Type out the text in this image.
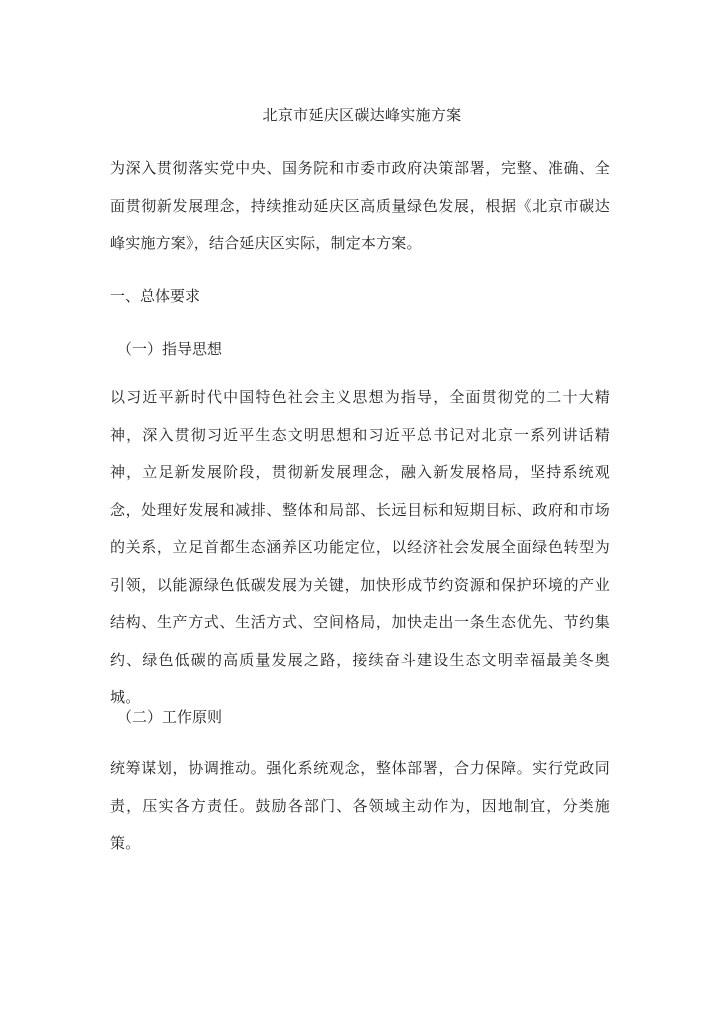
北京市延庆区碳达峰实施方案

为深入贯彻落实党中央、国务院和市委市政府决策部署，完整、准确、全面贯彻新发展理念，持续推动延庆区高质量绿色发展，根据《北京市碳达峰实施方案》，结合延庆区实际，制定本方案。

一、总体要求
（一）指导思想

以习近平新时代中国特色社会主义思想为指导，全面贯彻党的二十大精神，深入贯彻习近平生态文明思想和习近平总书记对北京一系列讲话精神，立足新发展阶段，贯彻新发展理念，融入新发展格局，坚持系统观念，处理好发展和减排、整体和局部、长远目标和短期目标、政府和市场的关系，立足首都生态涵养区功能定位，以经济社会发展全面绿色转型为引领，以能源绿色低碳发展为关键，加快形成节约资源和保护环境的产业结构、生产方式、生活方式、空间格局，加快走出一条生态优先、节约集约、绿色低碳的高质量发展之路，接续奋斗建设生态文明幸福最美冬奥城。

（二）工作原则

统筹谋划，协调推动。强化系统观念，整体部署，合力保障。实行党政同责，压实各方责任。鼓励各部门、各领域主动作为，因地制宜，分类施策。
